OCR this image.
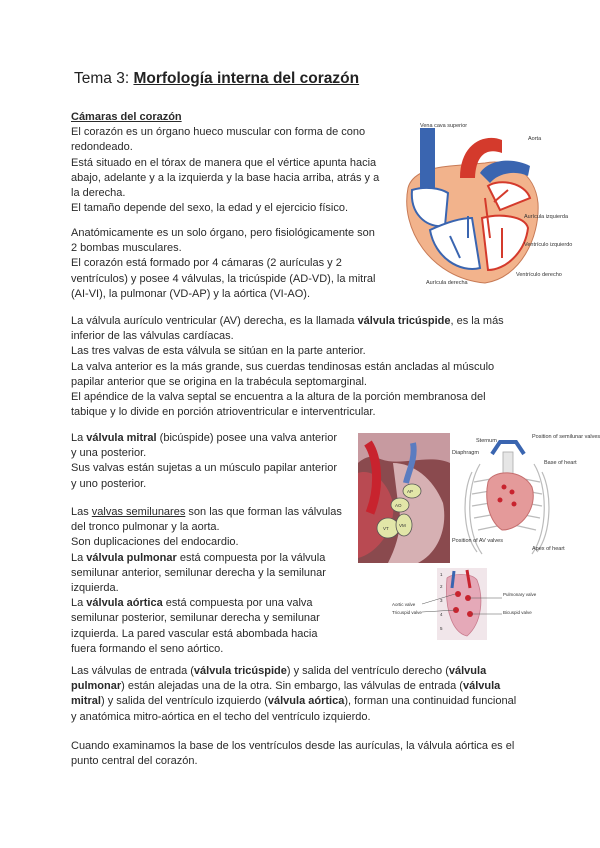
Tema 3: Morfología interna del corazón
Cámaras del corazón
El corazón es un órgano hueco muscular con forma de cono
redondeado.
Está situado en el tórax de manera que el vértice apunta hacia
abajo, adelante y a la izquierda y la base hacia arriba, atrás y a
la derecha.
El tamaño depende del sexo, la edad y el ejercicio físico.
Anatómicamente es un solo órgano, pero fisiológicamente son
2 bombas musculares.
El corazón está formado por 4 cámaras (2 aurículas y 2
ventrículos) y posee 4 válvulas, la tricúspide (AD-VD), la mitral
(AI-VI), la pulmonar (VD-AP) y la aórtica (VI-AO).
Vena cava superior
Aorta
Aurícula izquierda
Ventrículo izquierdo
Aurícula derecha
Ventrículo derecho
La válvula aurículo ventricular (AV) derecha, es la llamada válvula tricúspide, es la más
inferior de las válvulas cardíacas.
Las tres valvas de esta válvula se sitúan en la parte anterior.
La valva anterior es la más grande, sus cuerdas tendinosas están ancladas al músculo
papilar anterior que se origina en la trabécula septomarginal.
El apéndice de la valva septal se encuentra a la altura de la porción membranosa del
tabique y lo divide en porción atrioventricular e interventricular.
La válvula mitral (bicúspide) posee una valva anterior
y una posterior.
Sus valvas están sujetas a un músculo papilar anterior
y uno posterior.
Las valvas semilunares son las que forman las válvulas
del tronco pulmonar y la aorta.
Son duplicaciones del endocardio.
La válvula pulmonar está compuesta por la válvula
semilunar anterior, semilunar derecha y la semilunar
izquierda.
La válvula aórtica está compuesta por una valva
semilunar posterior, semilunar derecha y semilunar
izquierda. La pared vascular está abombada hacia
fuera formando el seno aórtico.
AP
AO
VT
VM
Sternum
Position of semilunar valves
Diaphragm
Base of heart
Position of AV valves
Apex of heart
1
2
3
4
5
Aortic valve
Tricuspid valve
Pulmonary valve
Bicuspid valve
Las válvulas de entrada (válvula tricúspide) y salida del ventrículo derecho (válvula
pulmonar) están alejadas una de la otra. Sin embargo, las válvulas de entrada (válvula
mitral) y salida del ventrículo izquierdo (válvula aórtica), forman una continuidad funcional
y anatómica mitro-aórtica en el techo del ventrículo izquierdo.
Cuando examinamos la base de los ventrículos desde las aurículas, la válvula aórtica es el
punto central del corazón.
